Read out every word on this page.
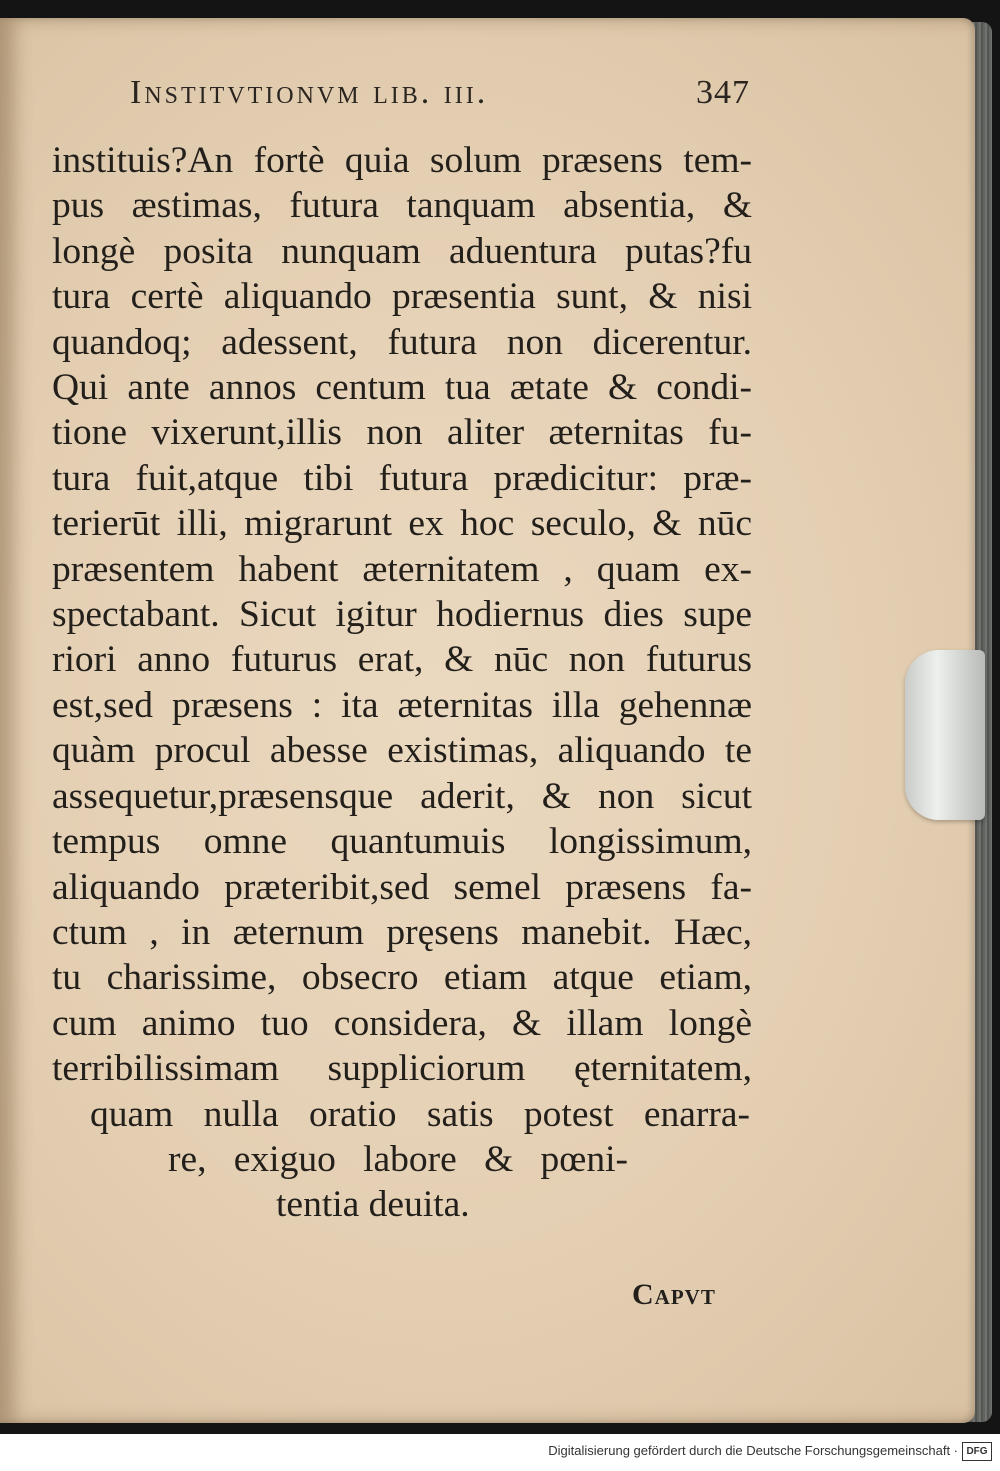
Institvtionvm lib. iii.	347
instituis?An fortè quia solum præsens tem-
pus æstimas, futura tanquam absentia, &
longè posita nunquam aduentura putas?fu
tura certè aliquando præsentia sunt, & nisi
quandoq; adessent, futura non dicerentur.
Qui ante annos centum tua ætate & condi-
tione vixerunt,illis non aliter æternitas fu-
tura fuit,atque tibi futura prædicitur: præ-
terierūt illi, migrarunt ex hoc seculo, & nūc
præsentem habent æternitatem , quam ex-
spectabant. Sicut igitur hodiernus dies supe
riori anno futurus erat, & nūc non futurus
est,sed præsens : ita æternitas illa gehennæ
quàm procul abesse existimas, aliquando te
assequetur,præsensque aderit, & non sicut
tempus omne quantumuis longissimum,
aliquando præteribit,sed semel præsens fa-
ctum , in æternum pręsens manebit. Hæc,
tu charissime, obsecro etiam atque etiam,
cum animo tuo considera, & illam longè
terribilissimam suppliciorum ęternitatem,
quam nulla oratio satis potest enarra-
re, exiguo labore & pœni-
tentia deuita.
Capvt
Digitalisierung gefördert durch die Deutsche Forschungsgemeinschaft · DFG
